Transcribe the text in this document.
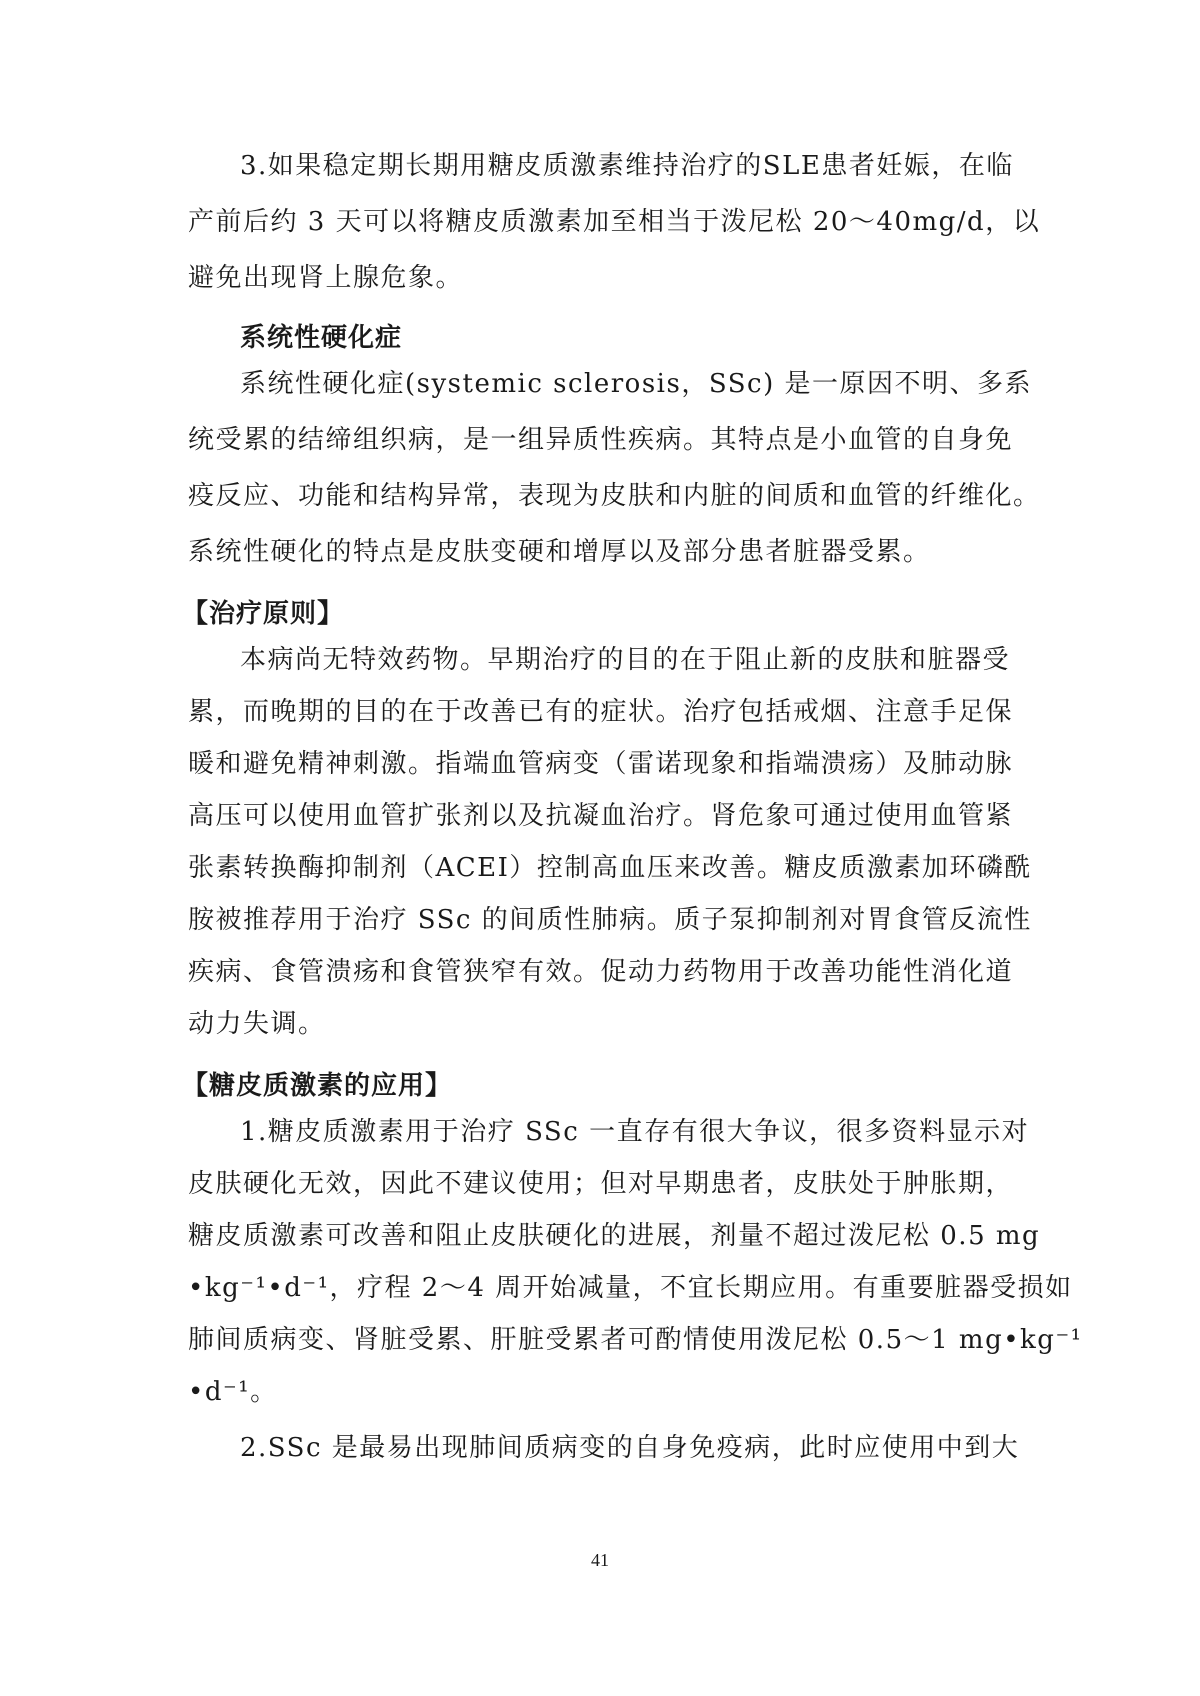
3.如果稳定期长期用糖皮质激素维持治疗的SLE患者妊娠，在临
产前后约 3 天可以将糖皮质激素加至相当于泼尼松 20～40mg/d，以
避免出现肾上腺危象。
系统性硬化症
系统性硬化症(systemic sclerosis，SSc) 是一原因不明、多系
统受累的结缔组织病，是一组异质性疾病。其特点是小血管的自身免
疫反应、功能和结构异常，表现为皮肤和内脏的间质和血管的纤维化。
系统性硬化的特点是皮肤变硬和增厚以及部分患者脏器受累。
【治疗原则】
本病尚无特效药物。早期治疗的目的在于阻止新的皮肤和脏器受
累，而晚期的目的在于改善已有的症状。治疗包括戒烟、注意手足保
暖和避免精神刺激。指端血管病变（雷诺现象和指端溃疡）及肺动脉
高压可以使用血管扩张剂以及抗凝血治疗。肾危象可通过使用血管紧
张素转换酶抑制剂（ACEI）控制高血压来改善。糖皮质激素加环磷酰
胺被推荐用于治疗 SSc 的间质性肺病。质子泵抑制剂对胃食管反流性
疾病、食管溃疡和食管狭窄有效。促动力药物用于改善功能性消化道
动力失调。
【糖皮质激素的应用】
1.糖皮质激素用于治疗 SSc 一直存有很大争议，很多资料显示对
皮肤硬化无效，因此不建议使用；但对早期患者，皮肤处于肿胀期，
糖皮质激素可改善和阻止皮肤硬化的进展，剂量不超过泼尼松 0.5 mg
•kg⁻¹•d⁻¹，疗程 2～4 周开始减量，不宜长期应用。有重要脏器受损如
肺间质病变、肾脏受累、肝脏受累者可酌情使用泼尼松 0.5～1 mg•kg⁻¹
•d⁻¹。
2.SSc 是最易出现肺间质病变的自身免疫病，此时应使用中到大
41
